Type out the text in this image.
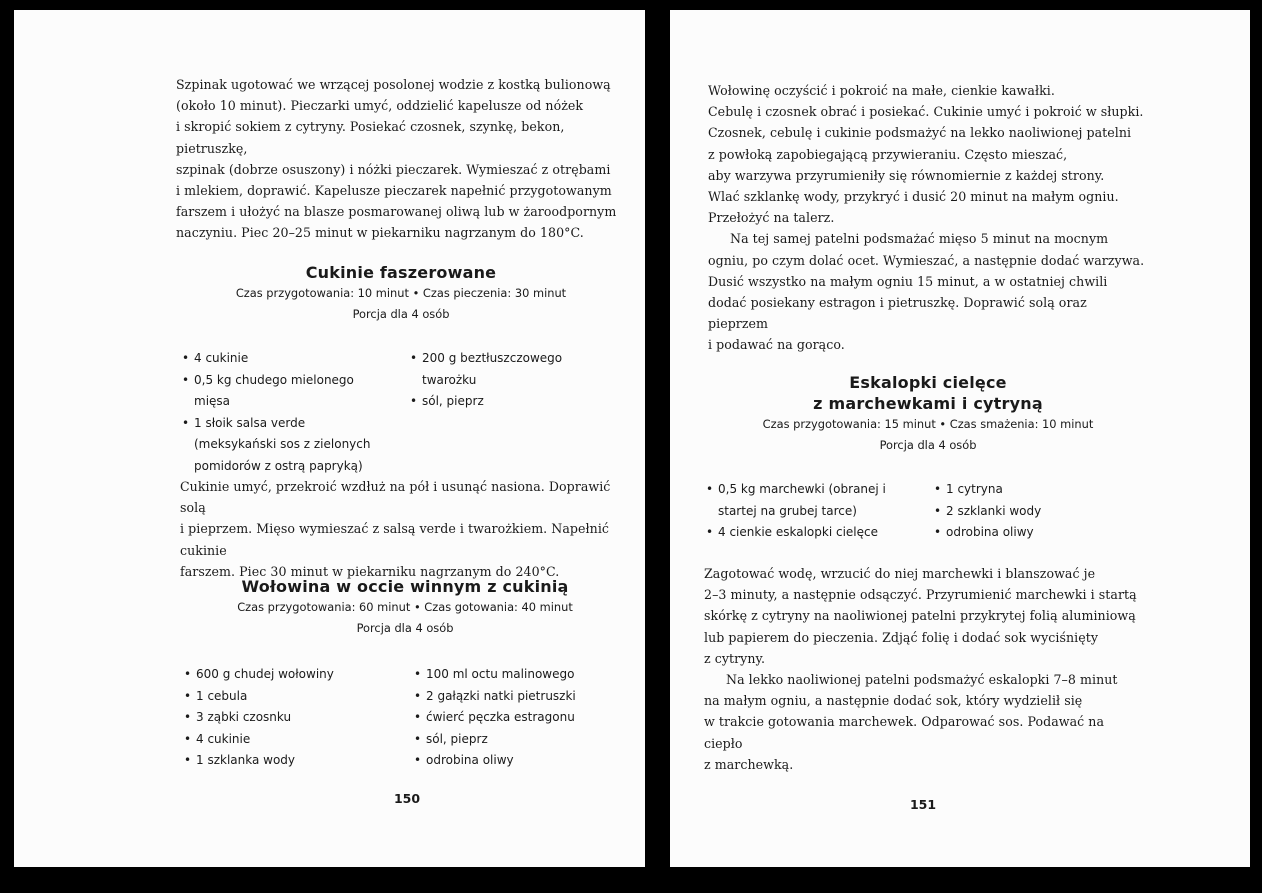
Szpinak ugotować we wrzącej posolonej wodzie z kostką bulionową
(około 10 minut). Pieczarki umyć, oddzielić kapelusze od nóżek
i skropić sokiem z cytryny. Posiekać czosnek, szynkę, bekon, pietruszkę,
szpinak (dobrze osuszony) i nóżki pieczarek. Wymieszać z otrębami
i mlekiem, doprawić. Kapelusze pieczarek napełnić przygotowanym
farszem i ułożyć na blasze posmarowanej oliwą lub w żaroodpornym
naczyniu. Piec 20–25 minut w piekarniku nagrzanym do 180°C.

Cukinie faszerowane

Czas przygotowania: 10 minut • Czas pieczenia: 30 minut

Porcja dla 4 osób

• 4 cukinie
• 0,5 kg chudego mielonego mięsa
• 1 słoik salsa verde (meksykański sos z zielonych pomidorów z ostrą papryką)
• 200 g beztłuszczowego twarożku
• sól, pieprz
Cukinie umyć, przekroić wzdłuż na pół i usunąć nasiona. Doprawić solą
i pieprzem. Mięso wymieszać z salsą verde i twarożkiem. Napełnić cukinie
farszem. Piec 30 minut w piekarniku nagrzanym do 240°C.

Wołowina w occie winnym z cukinią

Czas przygotowania: 60 minut • Czas gotowania: 40 minut

Porcja dla 4 osób

• 600 g chudej wołowiny
• 1 cebula
• 3 ząbki czosnku
• 4 cukinie
• 1 szklanka wody
• 100 ml octu malinowego
• 2 gałązki natki pietruszki
• ćwierć pęczka estragonu
• sól, pieprz
• odrobina oliwy
150
Wołowinę oczyścić i pokroić na małe, cienkie kawałki.
Cebulę i czosnek obrać i posiekać. Cukinie umyć i pokroić w słupki.
Czosnek, cebulę i cukinie podsmażyć na lekko naoliwionej patelni
z powłoką zapobiegającą przywieraniu. Często mieszać,
aby warzywa przyrumieniły się równomiernie z każdej strony.
Wlać szklankę wody, przykryć i dusić 20 minut na małym ogniu.
Przełożyć na talerz.
Na tej samej patelni podsmażać mięso 5 minut na mocnym
ogniu, po czym dolać ocet. Wymieszać, a następnie dodać warzywa.
Dusić wszystko na małym ogniu 15 minut, a w ostatniej chwili
dodać posiekany estragon i pietruszkę. Doprawić solą oraz pieprzem
i podawać na gorąco.

Eskalopki cielęce

z marchewkami i cytryną

Czas przygotowania: 15 minut • Czas smażenia: 10 minut

Porcja dla 4 osób

• 0,5 kg marchewki (obranej i startej na grubej tarce)
• 4 cienkie eskalopki cielęce
• 1 cytryna
• 2 szklanki wody
• odrobina oliwy
Zagotować wodę, wrzucić do niej marchewki i blanszować je
2–3 minuty, a następnie odsączyć. Przyrumienić marchewki i startą
skórkę z cytryny na naoliwionej patelni przykrytej folią aluminiową
lub papierem do pieczenia. Zdjąć folię i dodać sok wyciśnięty
z cytryny.
Na lekko naoliwionej patelni podsmażyć eskalopki 7–8 minut
na małym ogniu, a następnie dodać sok, który wydzielił się
w trakcie gotowania marchewek. Odparować sos. Podawać na ciepło
z marchewką.
151
